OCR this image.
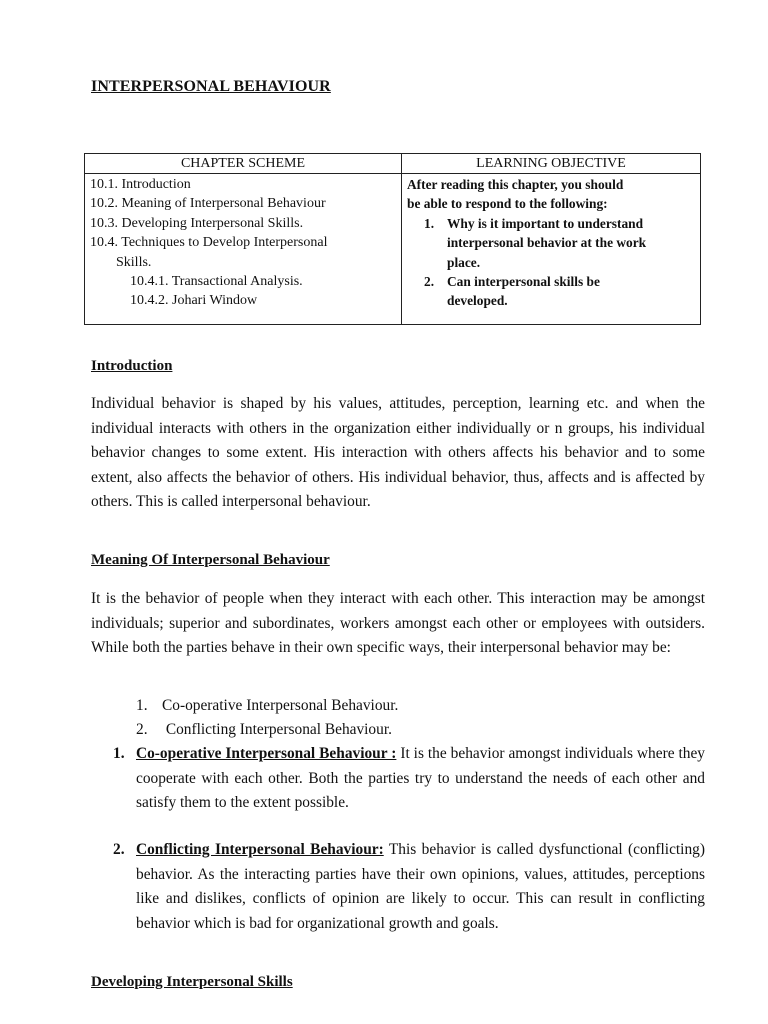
INTERPERSONAL BEHAVIOUR
CHAPTER SCHEME	LEARNING OBJECTIVE
10.1. Introduction
10.2. Meaning of Interpersonal Behaviour
10.3. Developing Interpersonal Skills.
10.4. Techniques to Develop Interpersonal
Skills.
10.4.1. Transactional Analysis.
10.4.2. Johari Window
After reading this chapter, you should
be able to respond to the following:
1. Why is it important to understand
interpersonal behavior at the work
place.
2. Can interpersonal skills be
developed.
Introduction
Individual behavior is shaped by his values, attitudes, perception, learning etc. and when the individual interacts with others in the organization either individually or n groups, his individual behavior changes to some extent. His interaction with others affects his behavior and to some extent, also affects the behavior of others. His individual behavior, thus, affects and is affected by others. This is called interpersonal behaviour.
Meaning Of Interpersonal Behaviour
It is the behavior of people when they interact with each other. This interaction may be amongst individuals; superior and subordinates, workers amongst each other or employees with outsiders. While both the parties behave in their own specific ways, their interpersonal behavior may be:
1. Co-operative Interpersonal Behaviour.
2. Conflicting Interpersonal Behaviour.
1. Co-operative Interpersonal Behaviour : It is the behavior amongst individuals where they cooperate with each other. Both the parties try to understand the needs of each other and satisfy them to the extent possible.
2. Conflicting Interpersonal Behaviour: This behavior is called dysfunctional (conflicting) behavior. As the interacting parties have their own opinions, values, attitudes, perceptions like and dislikes, conflicts of opinion are likely to occur. This can result in conflicting behavior which is bad for organizational growth and goals.
Developing Interpersonal Skills
